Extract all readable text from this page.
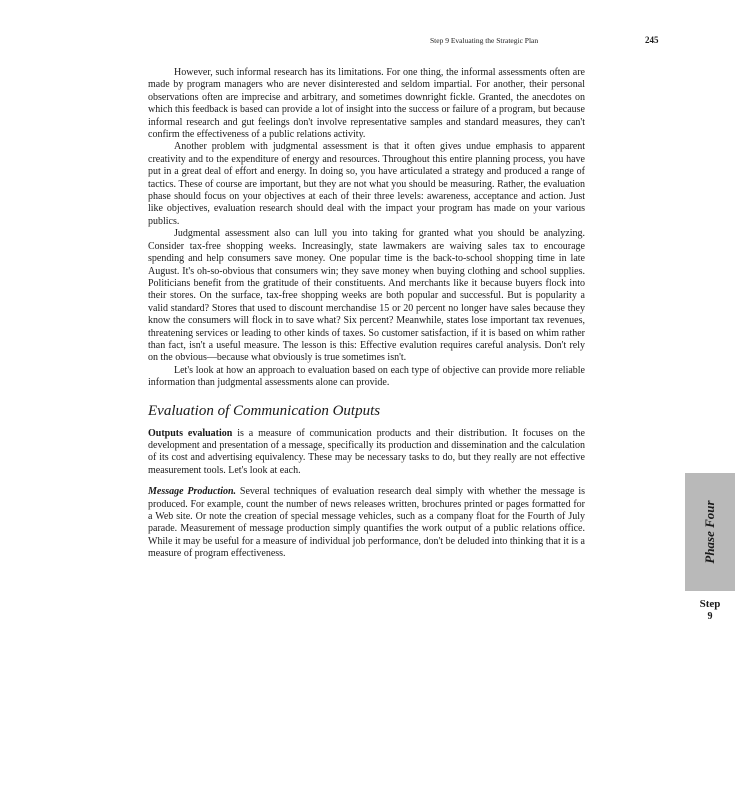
Step 9 Evaluating the Strategic Plan	245

However, such informal research has its limitations. For one thing, the informal assessments often are made by program managers who are never disinterested and seldom impartial. For another, their personal observations often are imprecise and arbitrary, and sometimes downright fickle. Granted, the anecdotes on which this feedback is based can provide a lot of insight into the success or failure of a program, but because informal research and gut feelings don't involve representative samples and standard measures, they can't confirm the effectiveness of a public relations activity.

Another problem with judgmental assessment is that it often gives undue emphasis to apparent creativity and to the expenditure of energy and resources. Throughout this entire planning process, you have put in a great deal of effort and energy. In doing so, you have articulated a strategy and produced a range of tactics. These of course are important, but they are not what you should be measuring. Rather, the evaluation phase should focus on your objectives at each of their three levels: awareness, acceptance and action. Just like objectives, evaluation research should deal with the impact your program has made on your various publics.

Judgmental assessment also can lull you into taking for granted what you should be analyzing. Consider tax-free shopping weeks. Increasingly, state lawmakers are waiving sales tax to encourage spending and help consumers save money. One popular time is the back-to-school shopping time in late August. It's oh-so-obvious that consumers win; they save money when buying clothing and school supplies. Politicians benefit from the gratitude of their constituents. And merchants like it because buyers flock into their stores. On the surface, tax-free shopping weeks are both popular and successful. But is popularity a valid standard? Stores that used to discount merchandise 15 or 20 percent no longer have sales because they know the consumers will flock in to save what? Six percent? Meanwhile, states lose important tax revenues, threatening services or leading to other kinds of taxes. So customer satisfaction, if it is based on whim rather than fact, isn't a useful measure. The lesson is this: Effective evalution requires careful analysis. Don't rely on the obvious—because what obviously is true sometimes isn't.

Let's look at how an approach to evaluation based on each type of objective can provide more reliable information than judgmental assessments alone can provide.

Evaluation of Communication Outputs

Outputs evaluation is a measure of communication products and their distribution. It focuses on the development and presentation of a message, specifically its production and dissemination and the calculation of its cost and advertising equivalency. These may be necessary tasks to do, but they really are not effective measurement tools. Let's look at each.

Message Production. Several techniques of evaluation research deal simply with whether the message is produced. For example, count the number of news releases written, brochures printed or pages formatted for a Web site. Or note the creation of special message vehicles, such as a company float for the Fourth of July parade. Measurement of message production simply quantifies the work output of a public relations office. While it may be useful for a measure of individual job performance, don't be deluded into thinking that it is a measure of program effectiveness.	Phase Four
Step
9
